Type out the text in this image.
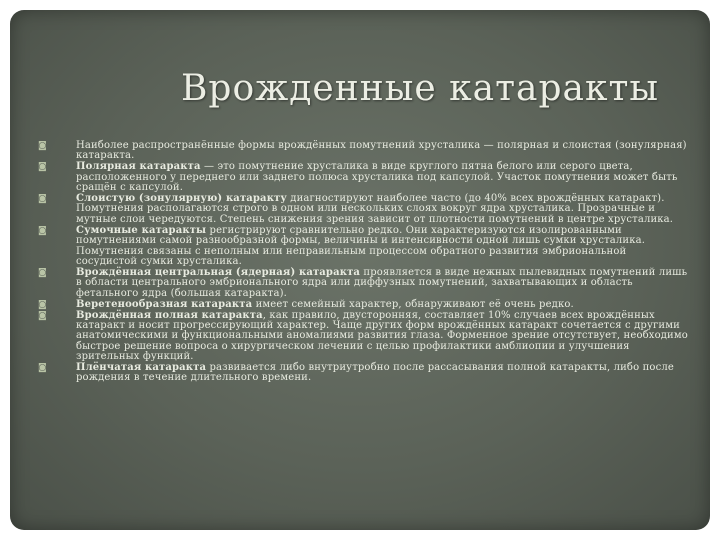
Врожденные катаракты
◙	Наиболее распространённые формы врождённых помутнений хрусталика — полярная и слоистая (зонулярная) катаракта.
◙	Полярная катаракта — это помутнение хрусталика в виде круглого пятна белого или серого цвета, расположенного у переднего или заднего полюса хрусталика под капсулой. Участок помутнения может быть сращён с капсулой.
◙	Слоистую (зонулярную) катаракту диагностируют наиболее часто (до 40% всех врождённых катаракт). Помутнения располагаются строго в одном или нескольких слоях вокруг ядра хрусталика. Прозрачные и мутные слои чередуются. Степень снижения зрения зависит от плотности помутнений в центре хрусталика.
◙	Сумочные катаракты регистрируют сравнительно редко. Они характеризуются изолированными помутнениями самой разнообразной формы, величины и интенсивности одной лишь сумки хрусталика. Помутнения связаны с неполным или неправильным процессом обратного развития эмбриональной сосудистой сумки хрусталика.
◙	Врождённая центральная (ядерная) катаракта проявляется в виде нежных пылевидных помутнений лишь в области центрального эмбрионального ядра или диффузных помутнений, захватывающих и область фетального ядра (большая катаракта).
◙	Веретенообразная катаракта имеет семейный характер, обнаруживают её очень редко.
◙	Врождённая полная катаракта, как правило, двусторонняя, составляет 10% случаев всех врождённых катаракт и носит прогрессирующий характер. Чаще других форм врождённых катаракт сочетается с другими анатомическими и функциональными аномалиями развития глаза. Форменное зрение отсутствует, необходимо быстрое решение вопроса о хирургическом лечении с целью профилактики амблиопии и улучшения зрительных функций.
◙	Плёнчатая катаракта развивается либо внутриутробно после рассасывания полной катаракты, либо после рождения в течение длительного времени.
